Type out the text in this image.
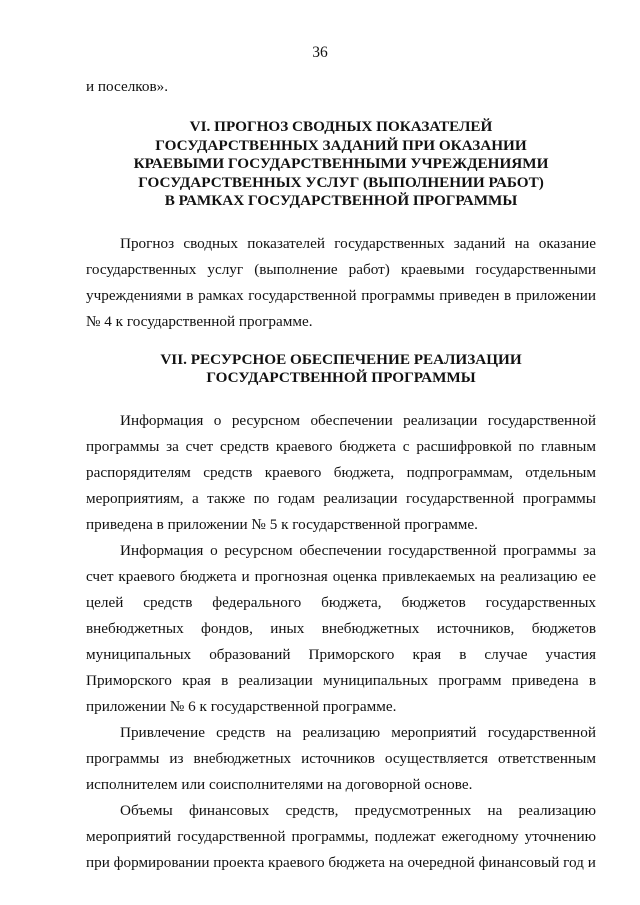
36

и поселков».

VI. ПРОГНОЗ СВОДНЫХ ПОКАЗАТЕЛЕЙ
ГОСУДАРСТВЕННЫХ ЗАДАНИЙ ПРИ ОКАЗАНИИ
КРАЕВЫМИ ГОСУДАРСТВЕННЫМИ УЧРЕЖДЕНИЯМИ
ГОСУДАРСТВЕННЫХ УСЛУГ (ВЫПОЛНЕНИИ РАБОТ)
В РАМКАХ ГОСУДАРСТВЕННОЙ ПРОГРАММЫ

Прогноз сводных показателей государственных заданий на оказание государственных услуг (выполнение работ) краевыми государственными учреждениями в рамках государственной программы приведен в приложении № 4 к государственной программе.

VII. РЕСУРСНОЕ ОБЕСПЕЧЕНИЕ РЕАЛИЗАЦИИ
ГОСУДАРСТВЕННОЙ ПРОГРАММЫ

Информация о ресурсном обеспечении реализации государственной программы за счет средств краевого бюджета с расшифровкой по главным распорядителям средств краевого бюджета, подпрограммам, отдельным мероприятиям, а также по годам реализации государственной программы приведена в приложении № 5 к государственной программе.

Информация о ресурсном обеспечении государственной программы за счет краевого бюджета и прогнозная оценка привлекаемых на реализацию ее целей средств федерального бюджета, бюджетов государственных внебюджетных фондов, иных внебюджетных источников, бюджетов муниципальных образований Приморского края в случае участия Приморского края в реализации муниципальных программ приведена в приложении № 6 к государственной программе.

Привлечение средств на реализацию мероприятий государственной программы из внебюджетных источников осуществляется ответственным исполнителем или соисполнителями на договорной основе.

Объемы финансовых средств, предусмотренных на реализацию мероприятий государственной программы, подлежат ежегодному уточнению при формировании проекта краевого бюджета на очередной финансовый год и
